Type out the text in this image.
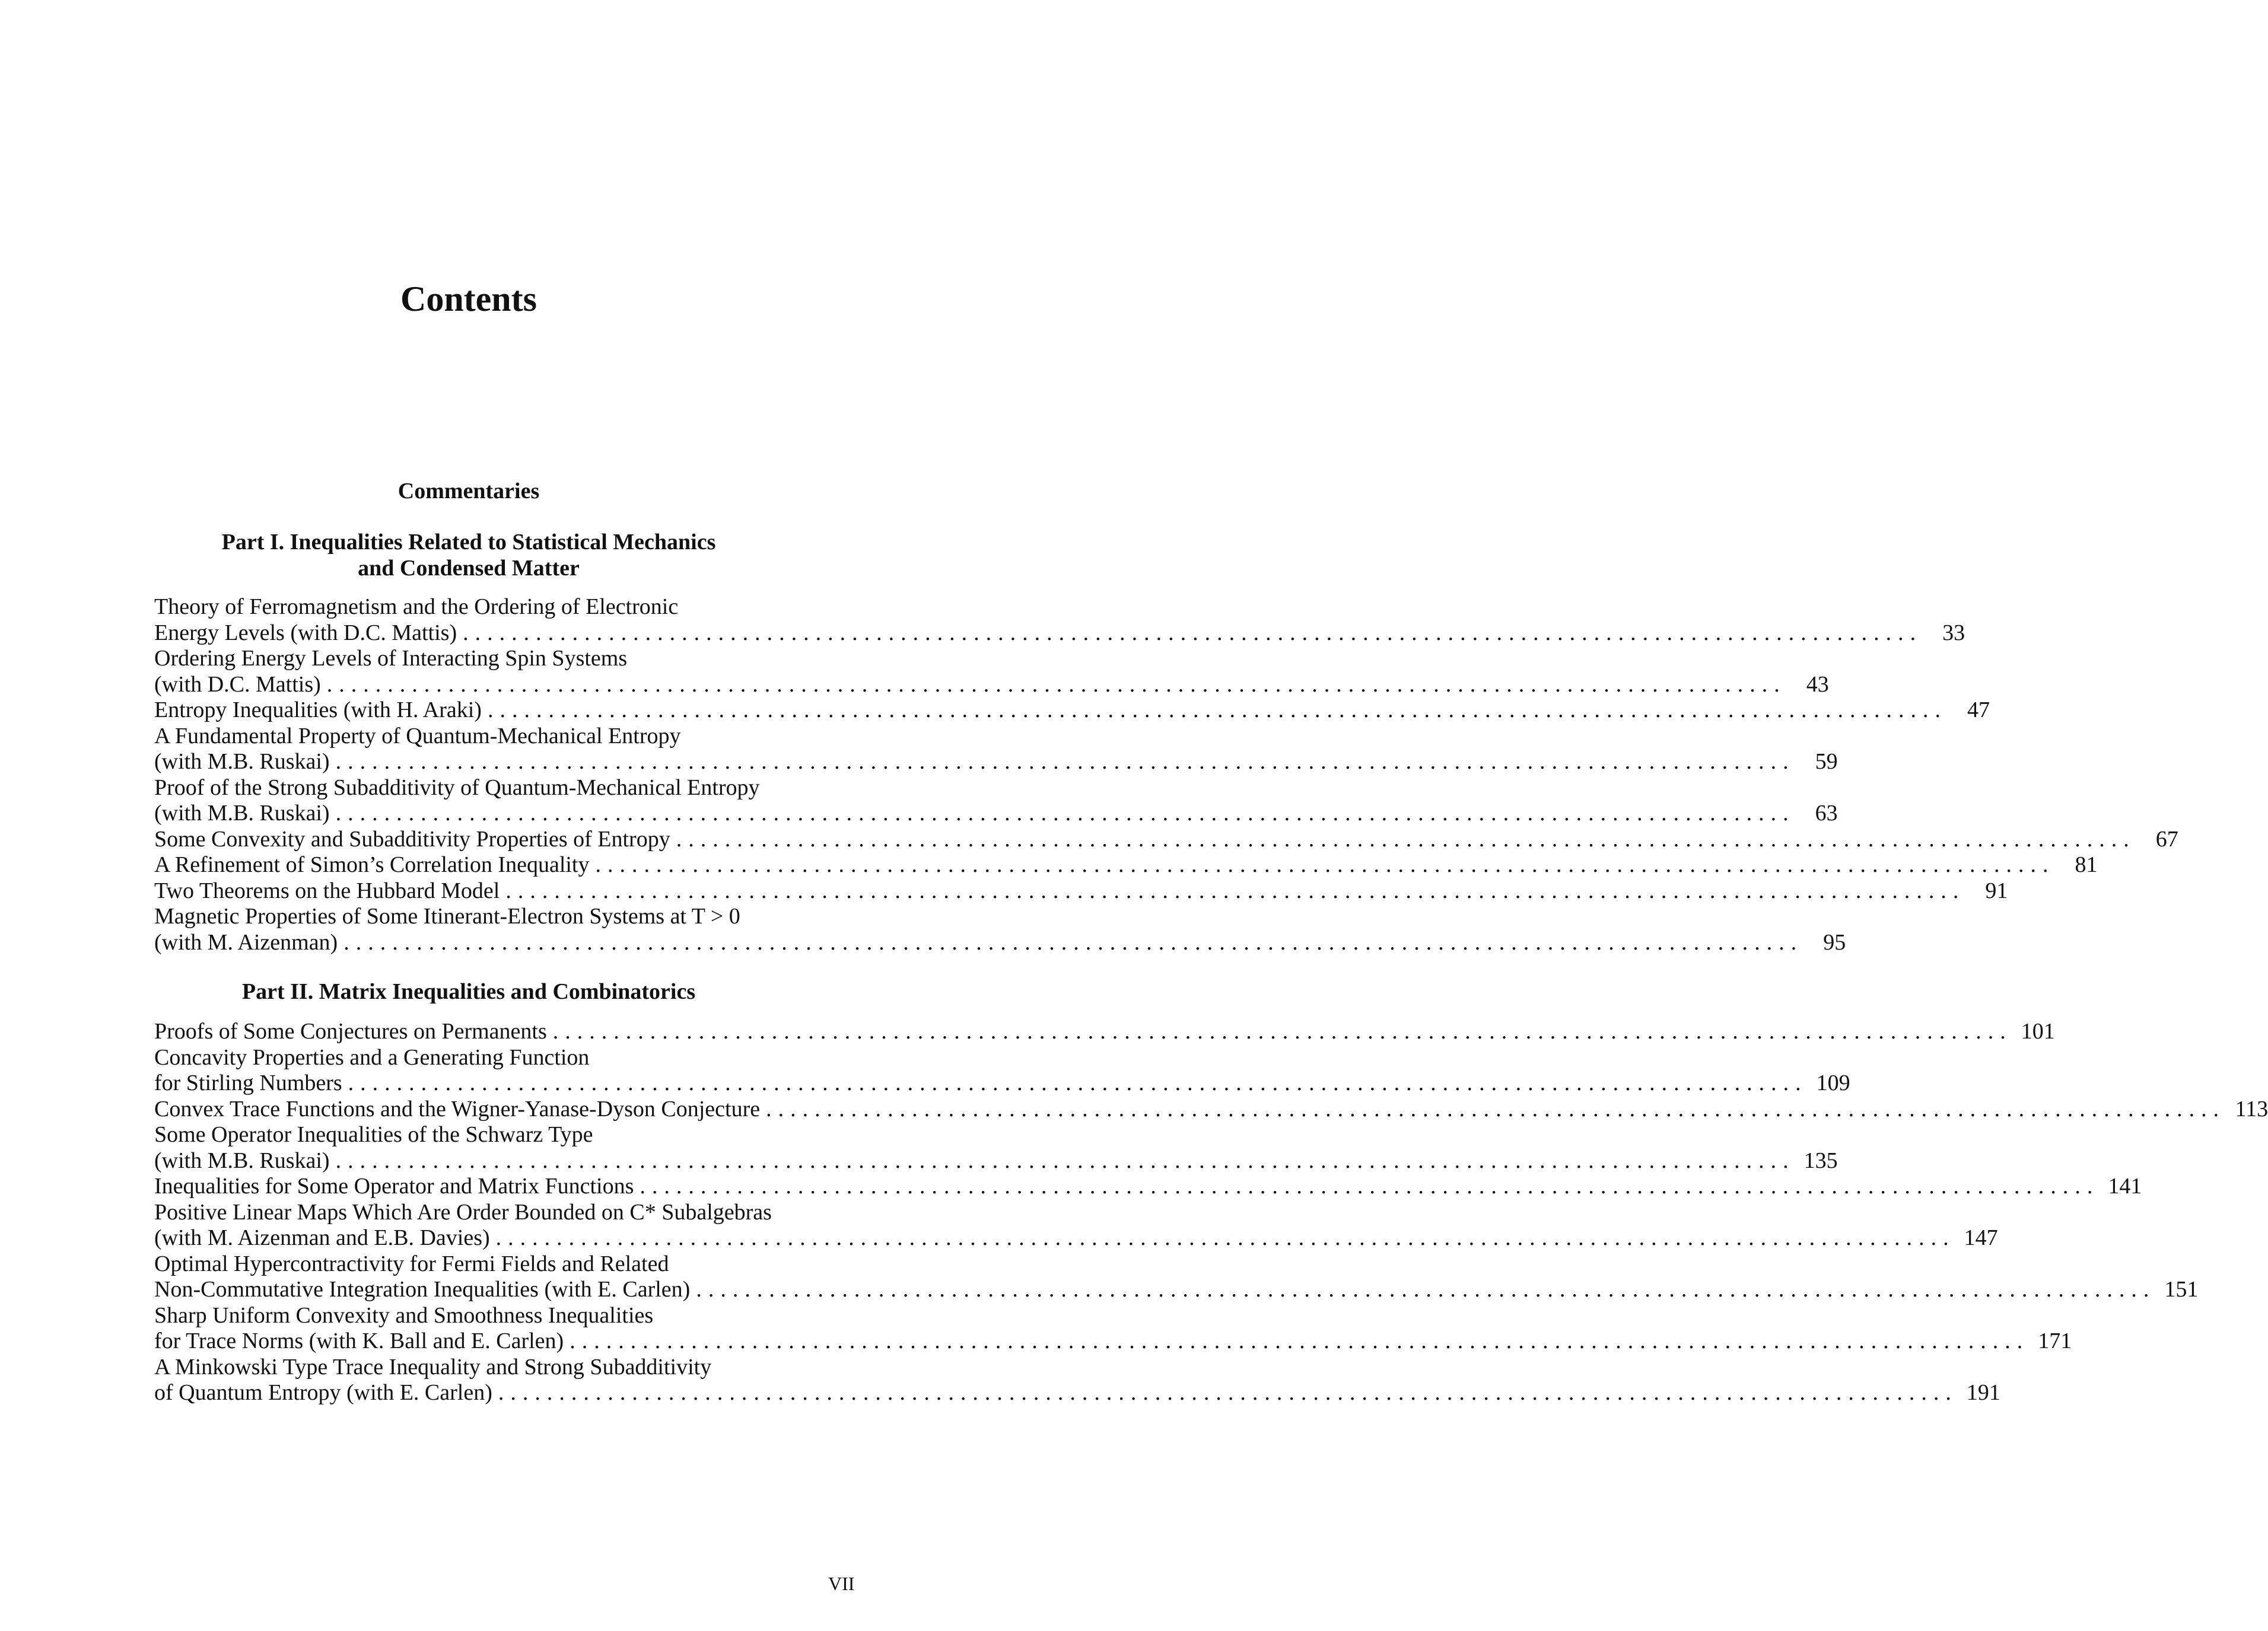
Contents
Commentaries
Part I. Inequalities Related to Statistical Mechanics
and Condensed Matter
Theory of Ferromagnetism and the Ordering of Electronic
Energy Levels (with D.C. Mattis) ........................................................................................................................ 33
Ordering Energy Levels of Interacting Spin Systems
(with D.C. Mattis) ........................................................................................................................ 43
Entropy Inequalities (with H. Araki) ........................................................................................................................ 47
A Fundamental Property of Quantum-Mechanical Entropy
(with M.B. Ruskai) ........................................................................................................................ 59
Proof of the Strong Subadditivity of Quantum-Mechanical Entropy
(with M.B. Ruskai) ........................................................................................................................ 63
Some Convexity and Subadditivity Properties of Entropy ........................................................................................................................ 67
A Refinement of Simon’s Correlation Inequality ........................................................................................................................ 81
Two Theorems on the Hubbard Model ........................................................................................................................ 91
Magnetic Properties of Some Itinerant-Electron Systems at T > 0
(with M. Aizenman) ........................................................................................................................ 95
Part II. Matrix Inequalities and Combinatorics
Proofs of Some Conjectures on Permanents ........................................................................................................................ 101
Concavity Properties and a Generating Function
for Stirling Numbers ........................................................................................................................ 109
Convex Trace Functions and the Wigner-Yanase-Dyson Conjecture ........................................................................................................................ 113
Some Operator Inequalities of the Schwarz Type
(with M.B. Ruskai) ........................................................................................................................ 135
Inequalities for Some Operator and Matrix Functions ........................................................................................................................ 141
Positive Linear Maps Which Are Order Bounded on C* Subalgebras
(with M. Aizenman and E.B. Davies) ........................................................................................................................ 147
Optimal Hypercontractivity for Fermi Fields and Related
Non-Commutative Integration Inequalities (with E. Carlen) ........................................................................................................................ 151
Sharp Uniform Convexity and Smoothness Inequalities
for Trace Norms (with K. Ball and E. Carlen) ........................................................................................................................ 171
A Minkowski Type Trace Inequality and Strong Subadditivity
of Quantum Entropy (with E. Carlen) ........................................................................................................................ 191
VII
